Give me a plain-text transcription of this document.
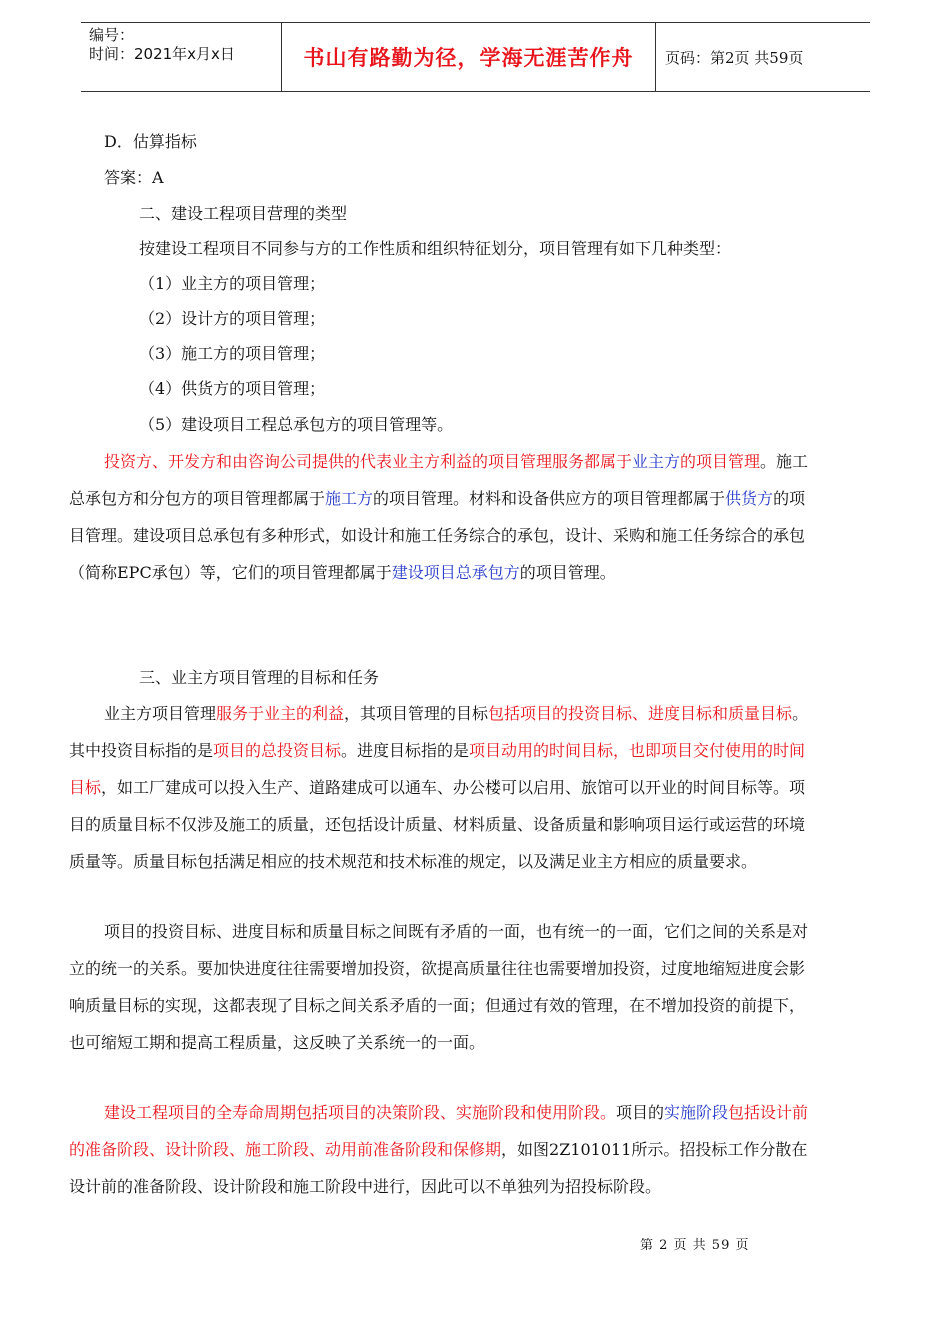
编号：
时间：2021年x月x日	书山有路勤为径，学海无涯苦作舟	页码：第2页 共59页
D．估算指标
答案：A
二、建设工程项目营理的类型
按建设工程项目不同参与方的工作性质和组织特征划分，项目管理有如下几种类型：
（1）业主方的项目管理；
（2）设计方的项目管理；
（3）施工方的项目管理；
（4）供货方的项目管理；
（5）建设项目工程总承包方的项目管理等。
投资方、开发方和由咨询公司提供的代表业主方利益的项目管理服务都属于业主方的项目管理。施工
总承包方和分包方的项目管理都属于施工方的项目管理。材料和设备供应方的项目管理都属于供货方的项
目管理。建设项目总承包有多种形式，如设计和施工任务综合的承包，设计、采购和施工任务综合的承包
（简称EPC承包）等，它们的项目管理都属于建设项目总承包方的项目管理。
三、业主方项目管理的目标和任务
业主方项目管理服务于业主的利益，其项目管理的目标包括项目的投资目标、进度目标和质量目标。
其中投资目标指的是项目的总投资目标。进度目标指的是项目动用的时间目标，也即项目交付使用的时间
目标，如工厂建成可以投入生产、道路建成可以通车、办公楼可以启用、旅馆可以开业的时间目标等。项
目的质量目标不仅涉及施工的质量，还包括设计质量、材料质量、设备质量和影响项目运行或运营的环境
质量等。质量目标包括满足相应的技术规范和技术标准的规定，以及满足业主方相应的质量要求。
项目的投资目标、进度目标和质量目标之间既有矛盾的一面，也有统一的一面，它们之间的关系是对
立的统一的关系。要加快进度往往需要增加投资，欲提高质量往往也需要增加投资，过度地缩短进度会影
响质量目标的实现，这都表现了目标之间关系矛盾的一面；但通过有效的管理，在不增加投资的前提下，
也可缩短工期和提高工程质量，这反映了关系统一的一面。
建设工程项目的全寿命周期包括项目的决策阶段、实施阶段和使用阶段。项目的实施阶段包括设计前
的准备阶段、设计阶段、施工阶段、动用前准备阶段和保修期，如图2Z101011所示。招投标工作分散在
设计前的准备阶段、设计阶段和施工阶段中进行，因此可以不单独列为招投标阶段。
第 2 页 共 59 页
